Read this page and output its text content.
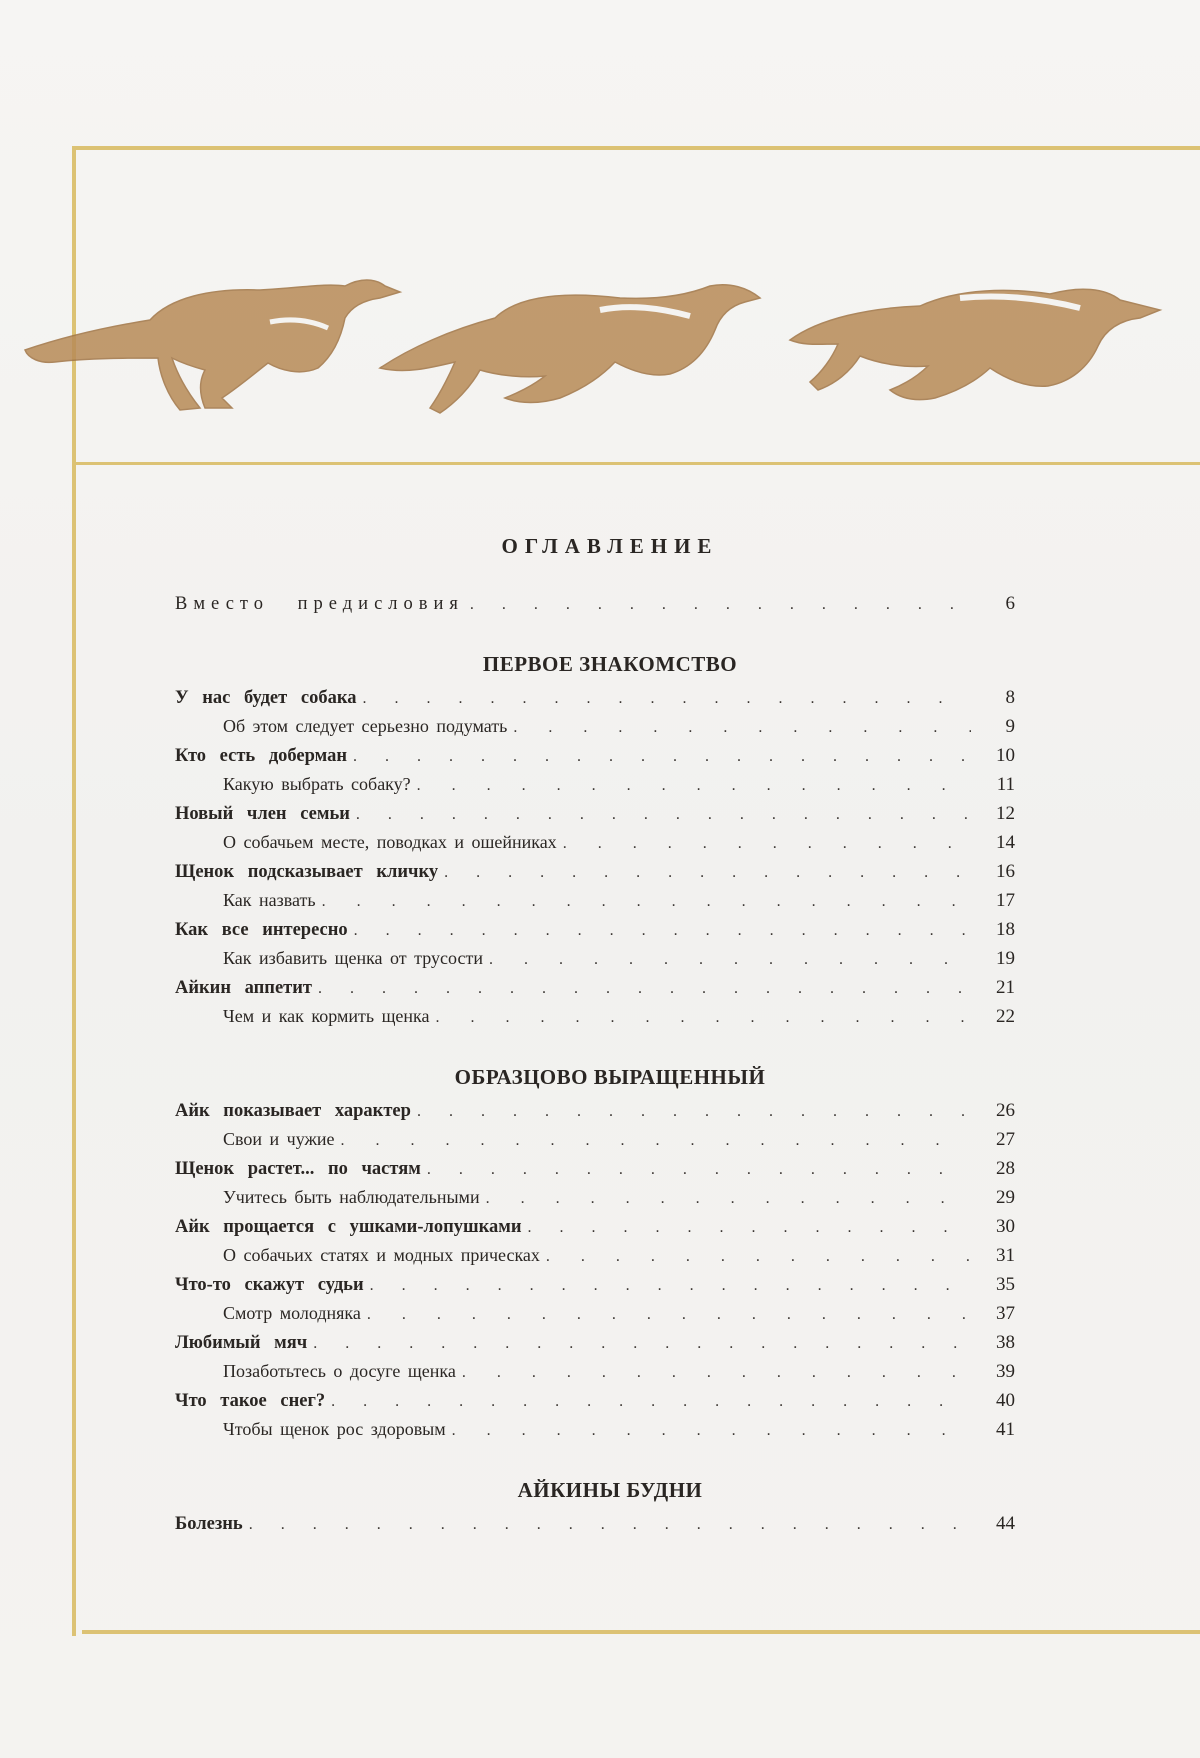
ОГЛАВЛЕНИЕ
Вместо предисловия . . .	6
ПЕРВОЕ ЗНАКОМСТВО
У нас будет собака . . .	8
Об этом следует серьезно подумать . . .	9
Кто есть доберман . . .	10
Какую выбрать собаку? . . .	11
Новый член семьи . . .	12
О собачьем месте, поводках и ошейниках . . .	14
Щенок подсказывает кличку . . .	16
Как назвать . . .	17
Как все интересно . . .	18
Как избавить щенка от трусости . . .	19
Айкин аппетит . . .	21
Чем и как кормить щенка . . .	22
ОБРАЗЦОВО ВЫРАЩЕННЫЙ
Айк показывает характер . . .	26
Свои и чужие . . .	27
Щенок растет... по частям . . .	28
Учитесь быть наблюдательными . . .	29
Айк прощается с ушками-лопушками . . .	30
О собачьих статях и модных прическах . . .	31
Что-то скажут судьи . . .	35
Смотр молодняка . . .	37
Любимый мяч . . .	38
Позаботьтесь о досуге щенка . . .	39
Что такое снег? . . .	40
Чтобы щенок рос здоровым . . .	41
АЙКИНЫ БУДНИ
Болезнь . . .	44
